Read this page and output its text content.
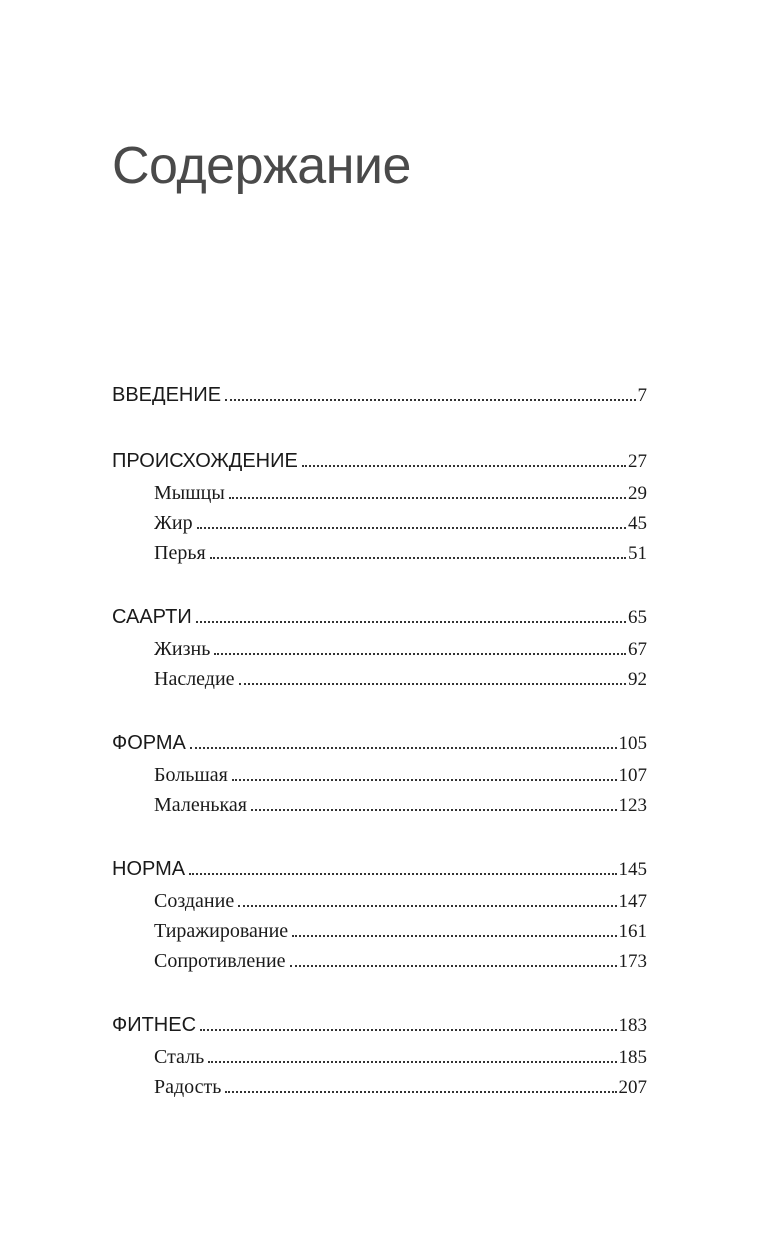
Содержание
ВВЕДЕНИЕ	7
ПРОИСХОЖДЕНИЕ	27
Мышцы	29
Жир	45
Перья	51
СААРТИ	65
Жизнь	67
Наследие	92
ФОРМА	105
Большая	107
Маленькая	123
НОРМА	145
Создание	147
Тиражирование	161
Сопротивление	173
ФИТНЕС	183
Сталь	185
Радость	207
